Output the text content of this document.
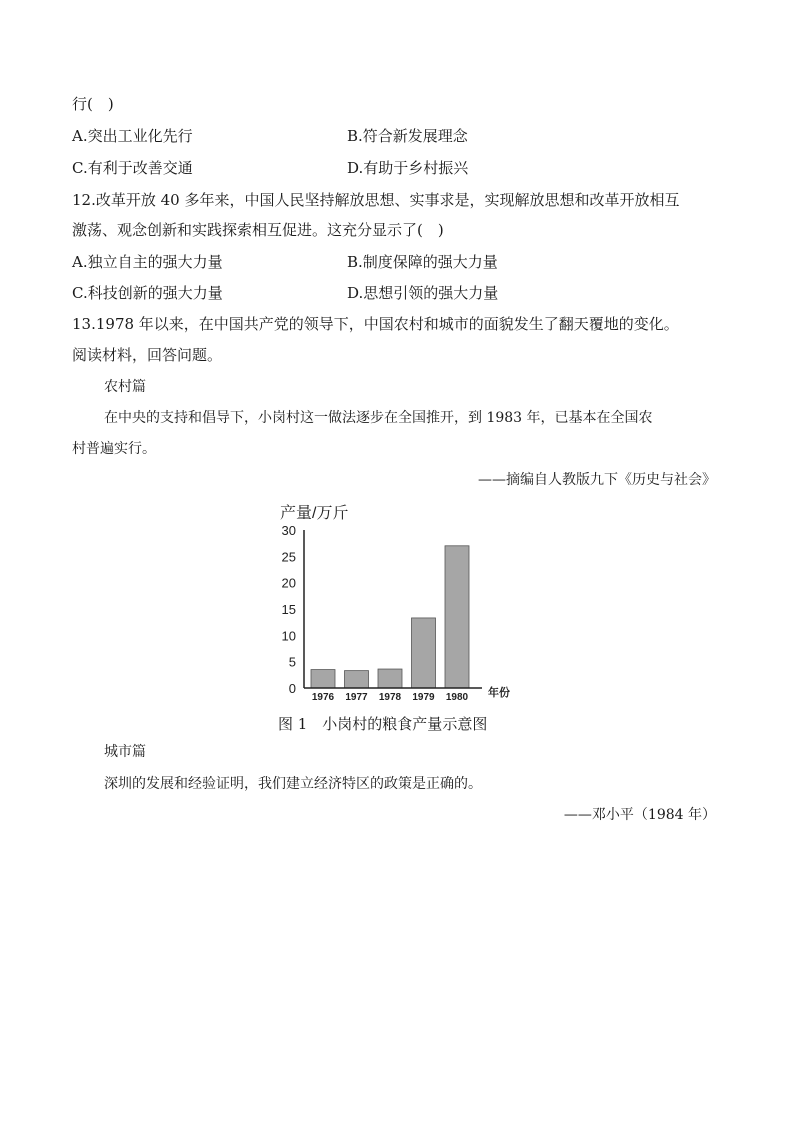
行(　)
A.突出工业化先行	B.符合新发展理念
C.有利于改善交通	D.有助于乡村振兴
12.改革开放 40 多年来，中国人民坚持解放思想、实事求是，实现解放思想和改革开放相互
激荡、观念创新和实践探索相互促进。这充分显示了(　)
A.独立自主的强大力量	B.制度保障的强大力量
C.科技创新的强大力量	D.思想引领的强大力量
13.1978 年以来，在中国共产党的领导下，中国农村和城市的面貌发生了翻天覆地的变化。
阅读材料，回答问题。
农村篇
在中央的支持和倡导下，小岗村这一做法逐步在全国推开，到 1983 年，已基本在全国农
村普遍实行。
——摘编自人教版九下《历史与社会》
产量/万斤
0
5
10
15
20
25
30
1976 1977 1978 1979 1980 年份
图 1　小岗村的粮食产量示意图
城市篇
深圳的发展和经验证明，我们建立经济特区的政策是正确的。
——邓小平（1984 年）
